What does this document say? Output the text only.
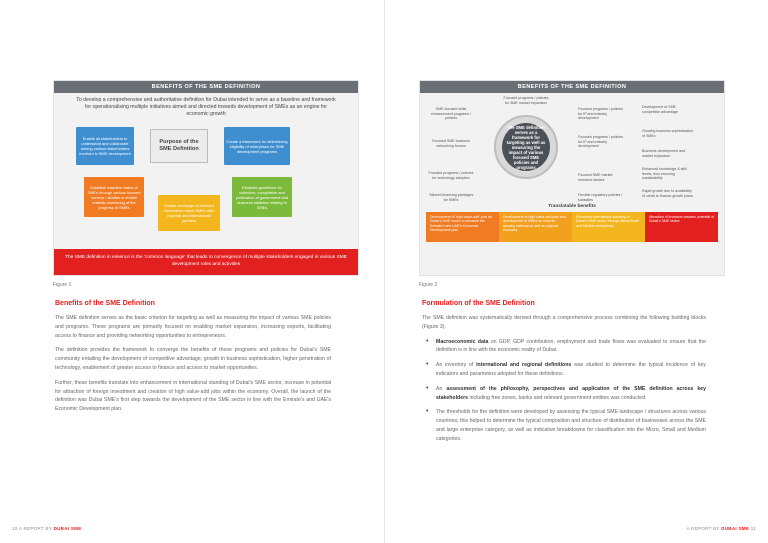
BENEFITS OF THE SME DEFINITION
To develop a comprehensive and authoritative definition for Dubai intended to serve as a baseline and framework for operationalising multiple initiatives aimed and directed towards development of SMEs as an engine for economic growth
Enable all stakeholders to understand and collaborate among various stakeholders involved in SME development
Purpose of the SME Definition
Create a framework for determining eligibility of enterprises for SME development programs
Establish baseline status of SMEs through various focused surveys / studies to enable realistic monitoring of the progress of SMEs	Enable exchange of relevant information about SMEs with regional and international partners
Establish guidelines for collection, compilation and publication of government and business statistics relating to SMEs
The SME definition in essence is the 'common language' that leads to convergence of multiple stakeholders engaged in various SME development roles and activities
Figure 1
Benefits of the SME Definition

The SME definition serves as the basic criterion for targeting as well as measuring the impact of various SME policies and programs. These programs are primarily focused on enabling market expansion, increasing exports, facilitating access to finance and providing networking opportunities to entrepreneurs.

The definition provides the framework to converge the benefits of these programs and policies for Dubai's SME community entailing the development of competitive advantage, growth in business sophistication, higher penetration of technology, enablement of greater access to finance and access to market opportunities.

Further, these benefits translate into enhancement in international standing of Dubai's SME sector, increase in potential for attraction of foreign investment and creation of high value-add jobs within the economy. Overall, the launch of the definition was Dubai SME's first step towards the development of the SME sector in line with the Emirate's and UAE's Economic Development plan.

10 A REPORT BY DUBAI SME
BENEFITS OF THE SME DEFINITION
Focused programs / policies for SME market expansion
SME-focused skills enhancement programs / policies
Focused SME business networking forums
Focused programs / policies for technology adoption
Tailored financing packages for SMEs
The SME definition serves as a framework for targeting as well as measuring the impact of various focused SME policies and programs
Focused programs / policies for IP and industry development
Focused programs / policies for IP and industry development
Focused SME market research studies
Flexible regulatory policies / subsidies
Development of SME competitive advantage
Growing business sophistication of SMEs
Business development and market expansion
Enhanced knowledge & skill levels, thus ensuring sustainability
Rapid growth due to availability of credit to finance growth plans
Translatable benefits
Development of 'high value-add' jobs for Dubai's SME sector to enhance the Emirate's and UAE's Economic Development plan
Development of high value-add jobs and development of SMEs as hubs for growing national as well as regional economy
Enhanced international standing of Dubai's SME sector through Micro-Small and Medium enterprises
Attraction of investors towards potential of Dubai's SME sector
Figure 2
Formulation of the SME Definition

The SME definition was systematically derived through a comprehensive process combining the following building blocks (Figure 3).

• Macroeconomic data on GDP, GDP contribution, employment and trade flows was evaluated to ensure that the definition is in line with the economic reality of Dubai.
• An inventory of international and regional definitions was studied to determine the typical incidence of key indicators and parameters adopted for these definitions.
• An assessment of the philosophy, perspectives and application of the SME definition across key stakeholders including free zones, banks and relevant government entities was conducted.
• The thresholds for the definition were developed by assessing the typical SME landscape / structures across various countries; this helped to determine the typical composition and structure of distribution of businesses across the SME and large enterprise category, as well as indicative breakdowns for classification into the Micro, Small and Medium categories.
A REPORT BY DUBAI SME 11
